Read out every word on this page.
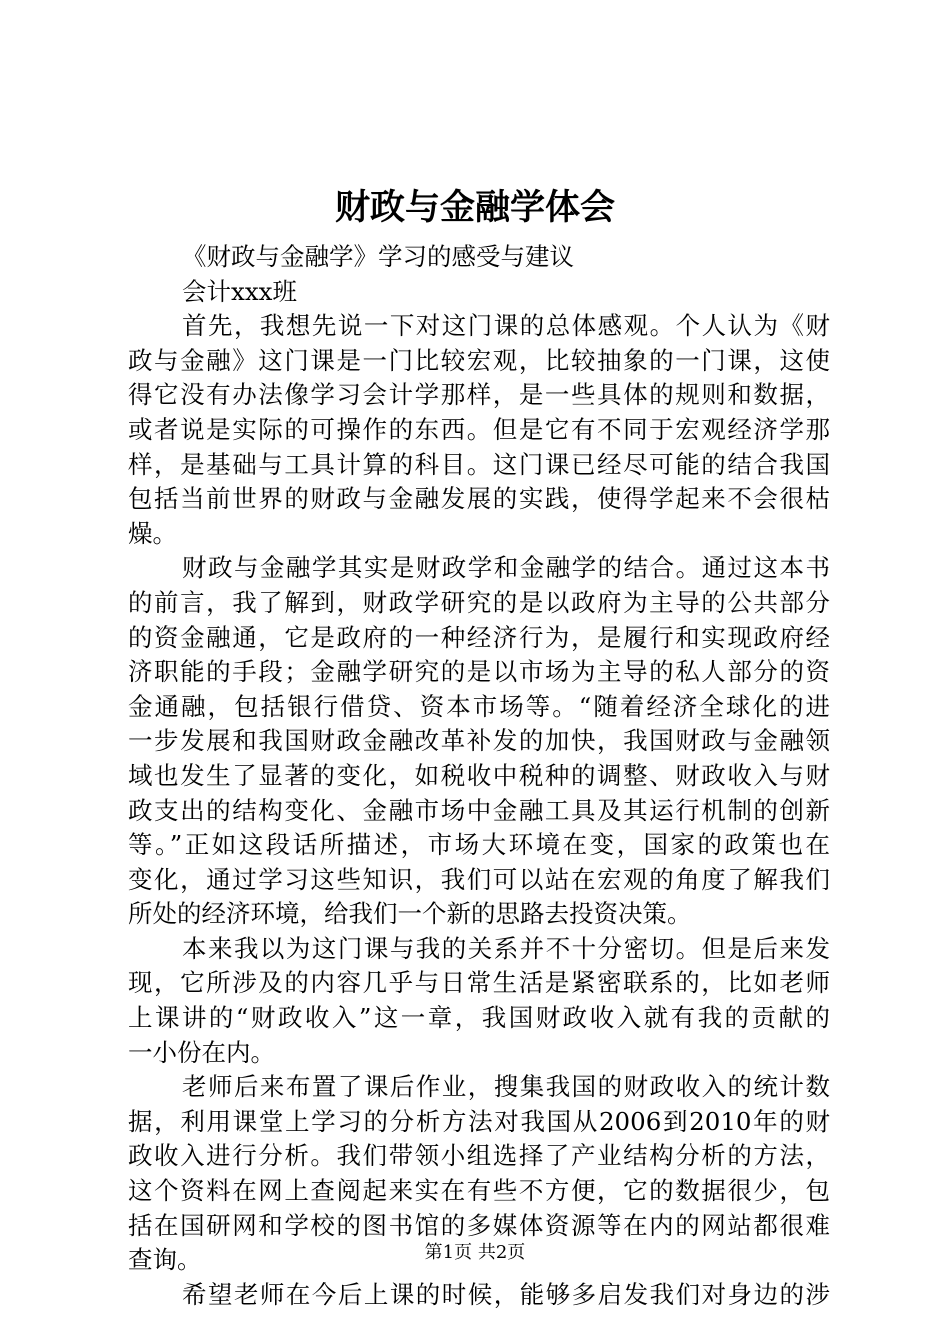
财政与金融学体会
《财政与金融学》学习的感受与建议
会计xxx班
首先，我想先说一下对这门课的总体感观。个人认为《财
政与金融》这门课是一门比较宏观，比较抽象的一门课，这使
得它没有办法像学习会计学那样，是一些具体的规则和数据，
或者说是实际的可操作的东西。但是它有不同于宏观经济学那
样，是基础与工具计算的科目。这门课已经尽可能的结合我国
包括当前世界的财政与金融发展的实践，使得学起来不会很枯
燥。
财政与金融学其实是财政学和金融学的结合。通过这本书
的前言，我了解到，财政学研究的是以政府为主导的公共部分
的资金融通，它是政府的一种经济行为，是履行和实现政府经
济职能的手段；金融学研究的是以市场为主导的私人部分的资
金通融，包括银行借贷、资本市场等。“随着经济全球化的进
一步发展和我国财政金融改革补发的加快，我国财政与金融领
域也发生了显著的变化，如税收中税种的调整、财政收入与财
政支出的结构变化、金融市场中金融工具及其运行机制的创新
等。”正如这段话所描述，市场大环境在变，国家的政策也在
变化，通过学习这些知识，我们可以站在宏观的角度了解我们
所处的经济环境，给我们一个新的思路去投资决策。
本来我以为这门课与我的关系并不十分密切。但是后来发
现，它所涉及的内容几乎与日常生活是紧密联系的，比如老师
上课讲的“财政收入”这一章，我国财政收入就有我的贡献的
一小份在内。
老师后来布置了课后作业，搜集我国的财政收入的统计数
据，利用课堂上学习的分析方法对我国从2006到2010年的财
政收入进行分析。我们带领小组选择了产业结构分析的方法，
这个资料在网上查阅起来实在有些不方便，它的数据很少，包
括在国研网和学校的图书馆的多媒体资源等在内的网站都很难
查询。
希望老师在今后上课的时候，能够多启发我们对身边的涉
第1页 共2页
